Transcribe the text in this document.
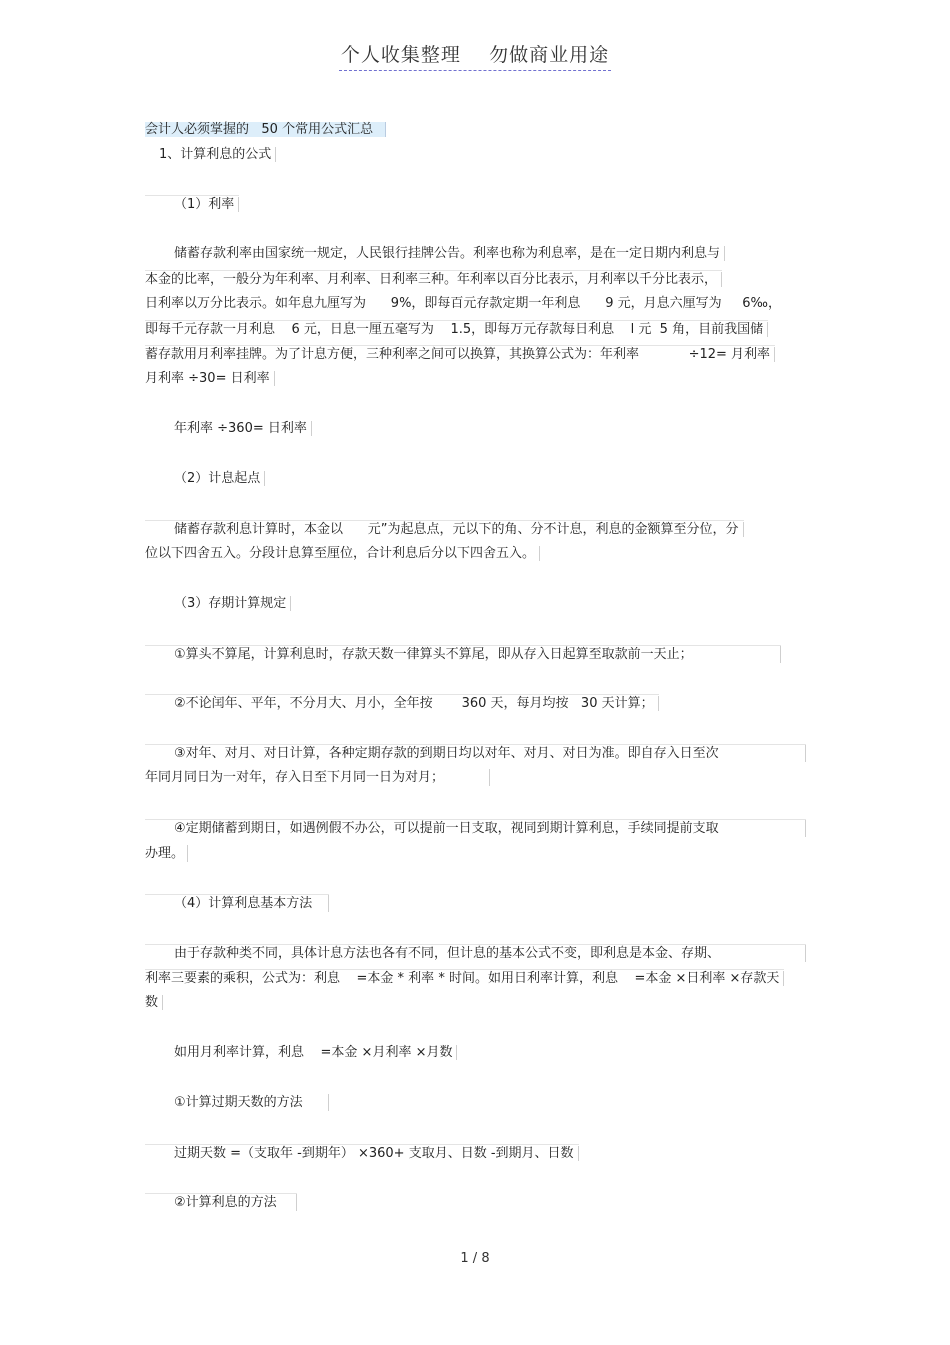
个人收集整理    勿做商业用途
会计人必须掌握的   50 个常用公式汇总
1、计算利息的公式
（1）利率
储蓄存款利率由国家统一规定，人民银行挂牌公告。利率也称为利息率，是在一定日期内利息与
本金的比率，一般分为年利率、月利率、日利率三种。年利率以百分比表示，月利率以千分比表示，
日利率以万分比表示。如年息九厘写为      9%，即每百元存款定期一年利息      9 元，月息六厘写为     6‰，
即每千元存款一月利息    6 元，日息一厘五毫写为    1.5，即每万元存款每日利息    l 元  5 角，目前我国储
蓄存款用月利率挂牌。为了计息方便，三种利率之间可以换算，其换算公式为：年利率            ÷12= 月利率
月利率 ÷30= 日利率
年利率 ÷360= 日利率
（2）计息起点
储蓄存款利息计算时，本金以      元”为起息点，元以下的角、分不计息，利息的金额算至分位，分
位以下四舍五入。分段计息算至厘位，合计利息后分以下四舍五入。
（3）存期计算规定
①算头不算尾，计算利息时，存款天数一律算头不算尾，即从存入日起算至取款前一天止；
②不论闰年、平年，不分月大、月小，全年按       360 天，每月均按   30 天计算；
③对年、对月、对日计算，各种定期存款的到期日均以对年、对月、对日为准。即自存入日至次
年同月同日为一对年，存入日至下月同一日为对月；
④定期储蓄到期日，如遇例假不办公，可以提前一日支取，视同到期计算利息，手续同提前支取
办理。
（4）计算利息基本方法
由于存款种类不同，具体计息方法也各有不同，但计息的基本公式不变，即利息是本金、存期、
利率三要素的乘积，公式为：利息    =本金 * 利率 * 时间。如用日利率计算，利息    =本金 ×日利率 ×存款天
数
如用月利率计算，利息    =本金 ×月利率 ×月数
①计算过期天数的方法
过期天数 =（支取年 -到期年） ×360+ 支取月、日数 -到期月、日数
②计算利息的方法
1 / 8
